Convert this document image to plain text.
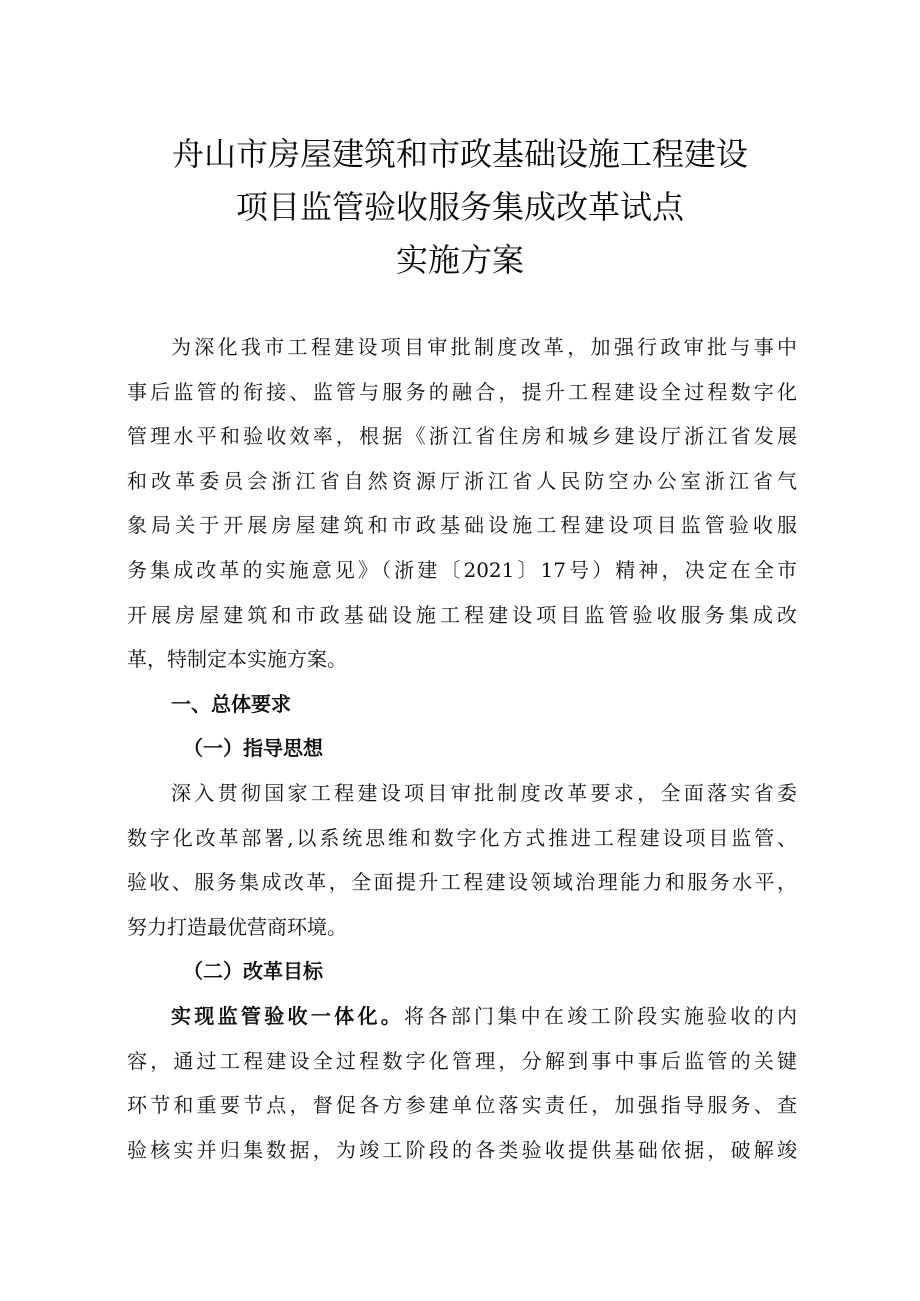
舟山市房屋建筑和市政基础设施工程建设
项目监管验收服务集成改革试点
实施方案
为深化我市工程建设项目审批制度改革，加强行政审批与事中
事后监管的衔接、监管与服务的融合，提升工程建设全过程数字化
管理水平和验收效率，根据《浙江省住房和城乡建设厅浙江省发展
和改革委员会浙江省自然资源厅浙江省人民防空办公室浙江省气
象局关于开展房屋建筑和市政基础设施工程建设项目监管验收服
务集成改革的实施意见》（浙建〔2021〕17号）精神，决定在全市
开展房屋建筑和市政基础设施工程建设项目监管验收服务集成改
革，特制定本实施方案。
一、总体要求
（一）指导思想
深入贯彻国家工程建设项目审批制度改革要求，全面落实省委
数字化改革部署,以系统思维和数字化方式推进工程建设项目监管、
验收、服务集成改革，全面提升工程建设领域治理能力和服务水平，
努力打造最优营商环境。
（二）改革目标
实现监管验收一体化。将各部门集中在竣工阶段实施验收的内
容，通过工程建设全过程数字化管理，分解到事中事后监管的关键
环节和重要节点，督促各方参建单位落实责任，加强指导服务、查
验核实并归集数据，为竣工阶段的各类验收提供基础依据，破解竣
